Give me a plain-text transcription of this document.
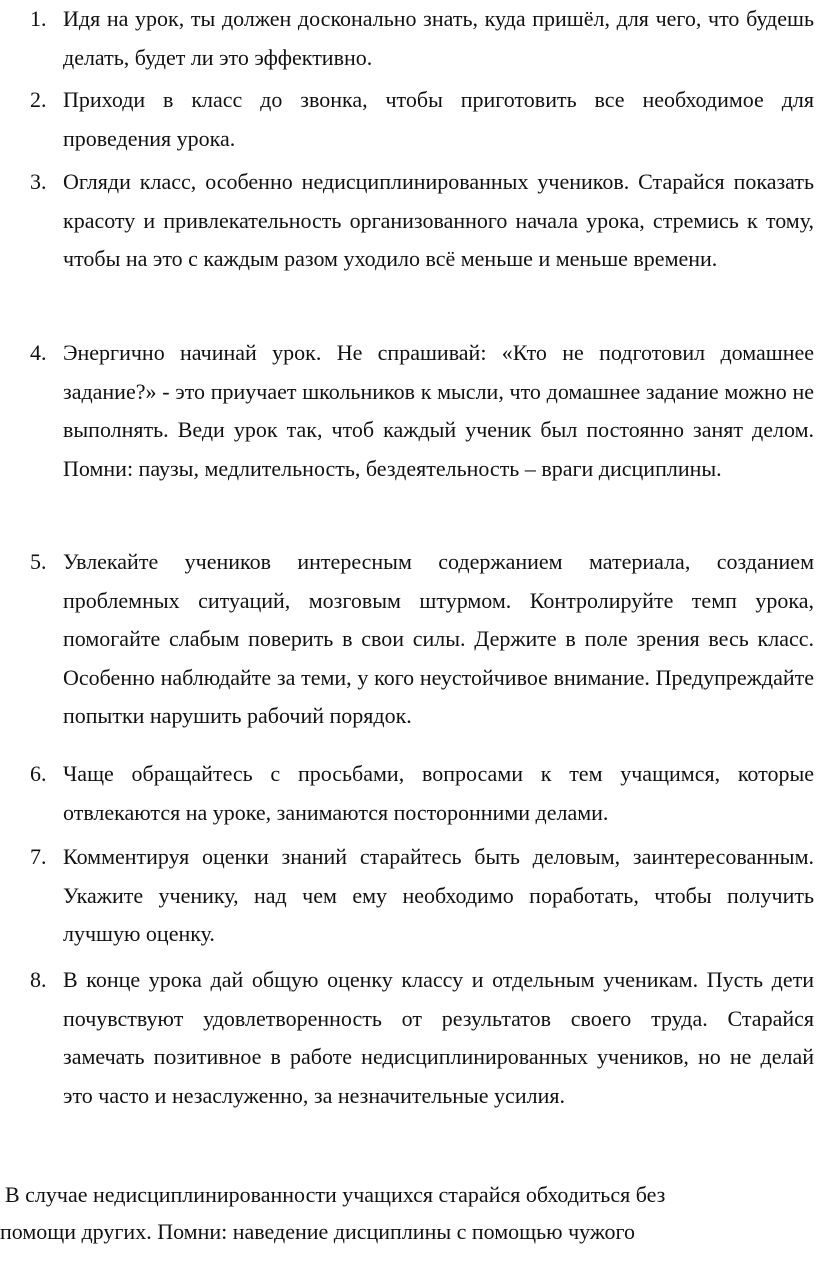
1. Идя на урок, ты должен досконально знать, куда пришёл, для чего, что будешь делать, будет ли это эффективно.
2. Приходи в класс до звонка, чтобы приготовить все необходимое для проведения урока.
3. Огляди класс, особенно недисциплинированных учеников. Старайся показать красоту и привлекательность организованного начала урока, стремись к тому, чтобы на это с каждым разом уходило всё меньше и меньше времени.
4. Энергично начинай урок. Не спрашивай: «Кто не подготовил домашнее задание?» - это приучает школьников к мысли, что домашнее задание можно не выполнять. Веди урок так, чтоб каждый ученик был постоянно занят делом. Помни: паузы, медлительность, бездеятельность – враги дисциплины.
5. Увлекайте учеников интересным содержанием материала, созданием проблемных ситуаций, мозговым штурмом. Контролируйте темп урока, помогайте слабым поверить в свои силы. Держите в поле зрения весь класс. Особенно наблюдайте за теми, у кого неустойчивое внимание. Предупреждайте попытки нарушить рабочий порядок.
6. Чаще обращайтесь с просьбами, вопросами к тем учащимся, которые отвлекаются на уроке, занимаются посторонними делами.
7. Комментируя оценки знаний старайтесь быть деловым, заинтересованным. Укажите ученику, над чем ему необходимо поработать, чтобы получить лучшую оценку.
8. В конце урока дай общую оценку классу и отдельным ученикам. Пусть дети почувствуют удовлетворенность от результатов своего труда. Старайся замечать позитивное в работе недисциплинированных учеников, но не делай это часто и незаслуженно, за незначительные усилия.

В случае недисциплинированности учащихся старайся обходиться без

помощи других. Помни: наведение дисциплины с помощью чужого
